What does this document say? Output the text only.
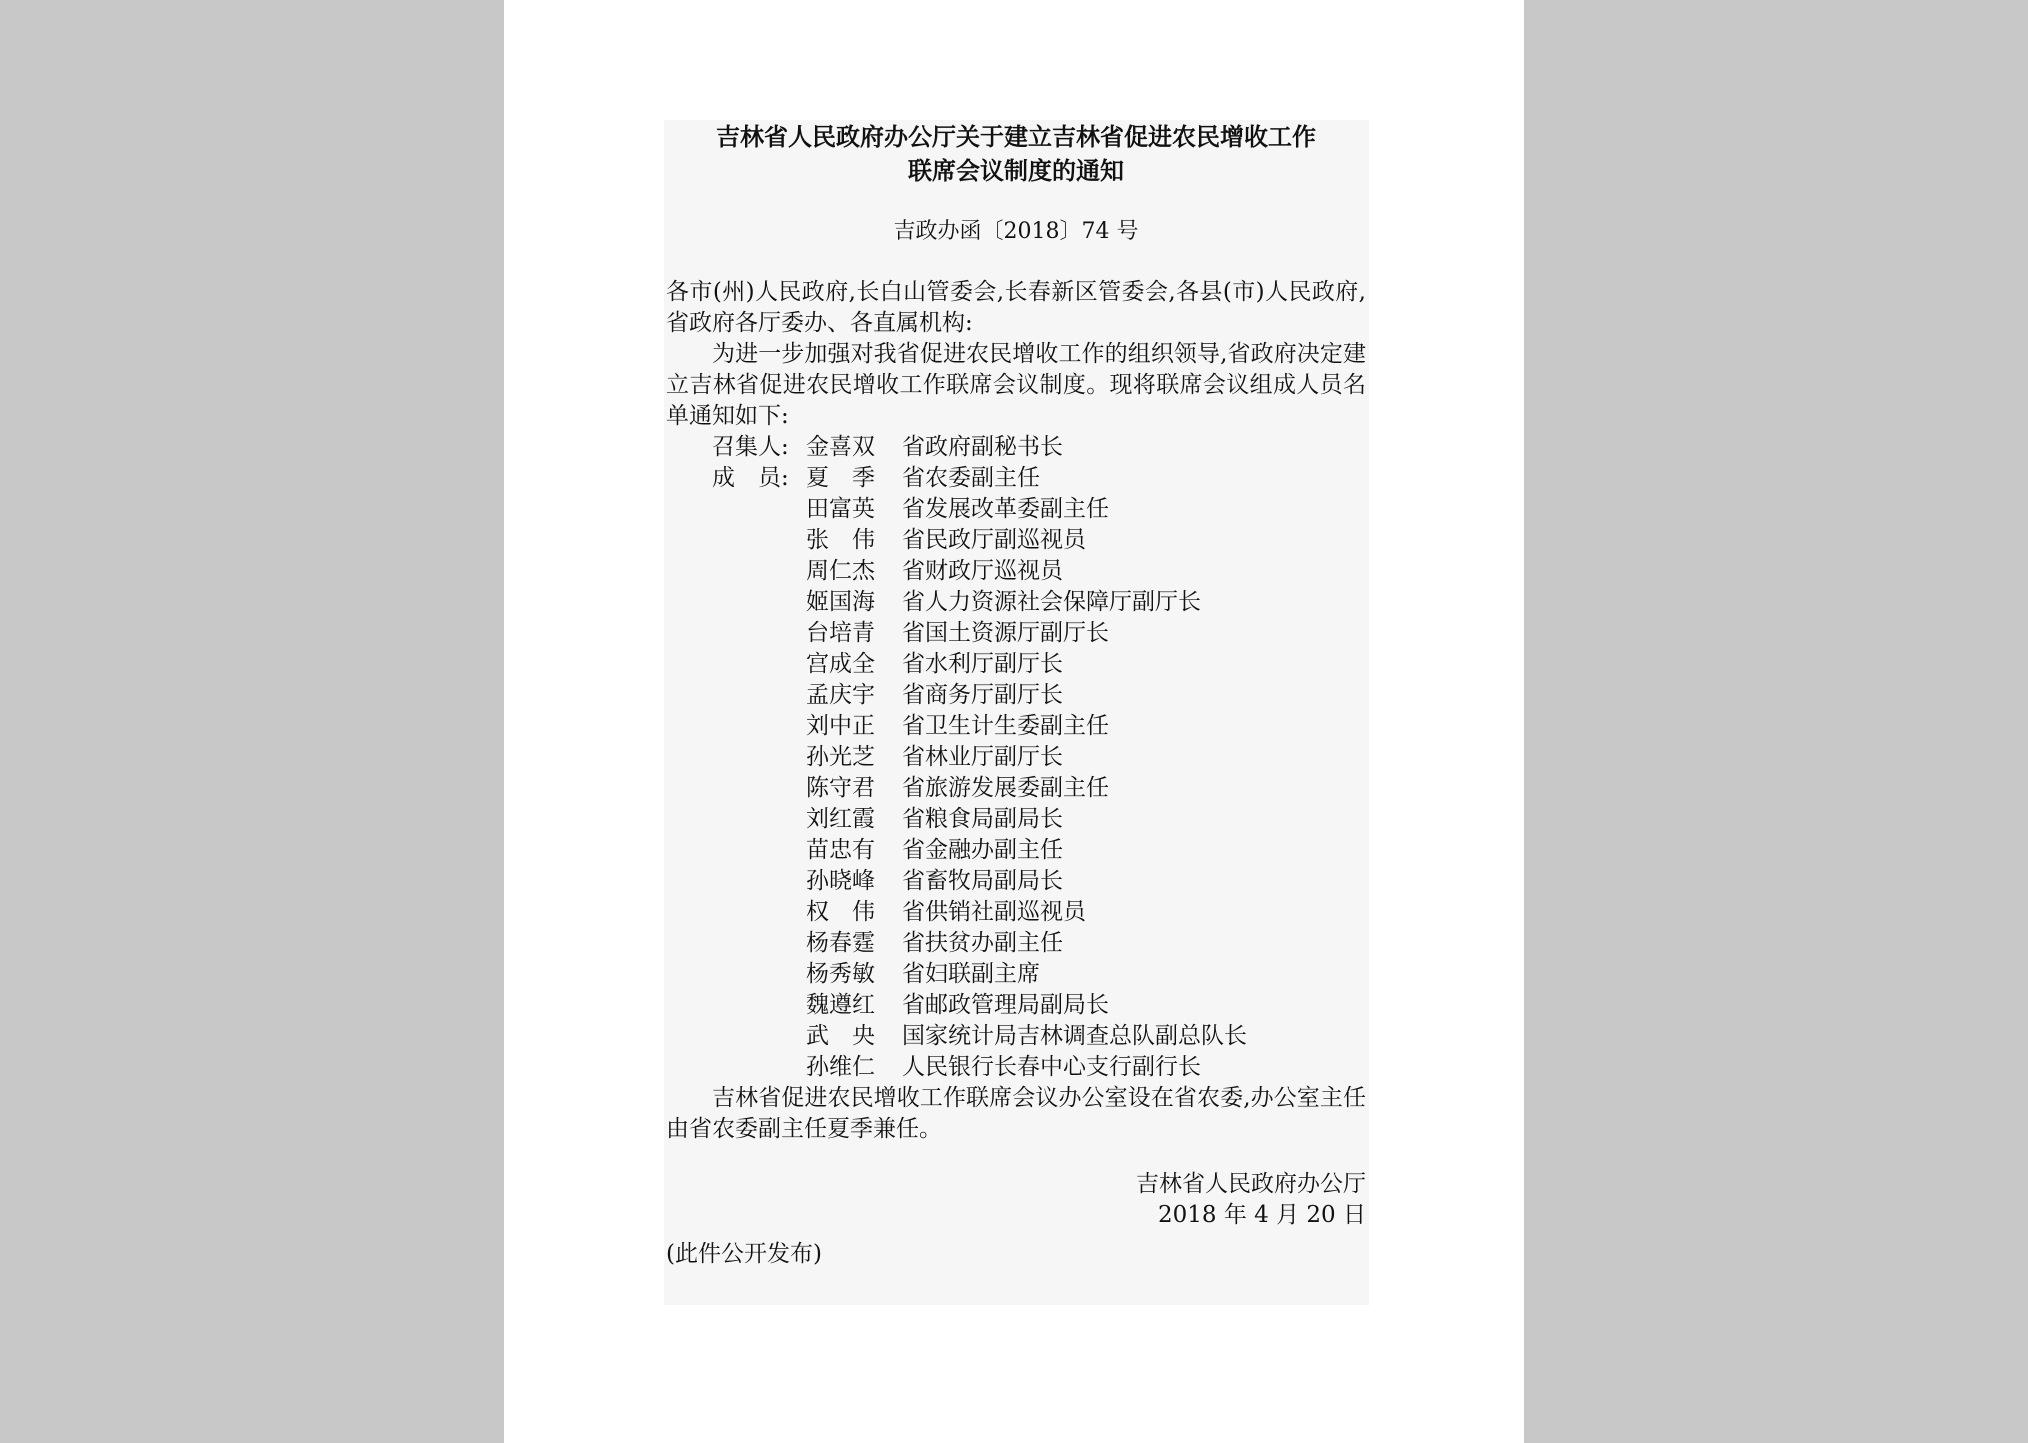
吉林省人民政府办公厅关于建立吉林省促进农民增收工作
联席会议制度的通知
吉政办函〔2018〕74 号
各市(州)人民政府,长白山管委会,长春新区管委会,各县(市)人民政府,省政府各厅委办、各直属机构:
为进一步加强对我省促进农民增收工作的组织领导,省政府决定建立吉林省促进农民增收工作联席会议制度。现将联席会议组成人员名单通知如下:
召集人: 金喜双	省政府副秘书长
成　员: 夏　季	省农委副主任
田富英	省发展改革委副主任
张　伟	省民政厅副巡视员
周仁杰	省财政厅巡视员
姬国海	省人力资源社会保障厅副厅长
台培青	省国土资源厅副厅长
宫成全	省水利厅副厅长
孟庆宇	省商务厅副厅长
刘中正	省卫生计生委副主任
孙光芝	省林业厅副厅长
陈守君	省旅游发展委副主任
刘红霞	省粮食局副局长
苗忠有	省金融办副主任
孙晓峰	省畜牧局副局长
权　伟	省供销社副巡视员
杨春霆	省扶贫办副主任
杨秀敏	省妇联副主席
魏遵红	省邮政管理局副局长
武　央	国家统计局吉林调查总队副总队长
孙维仁	人民银行长春中心支行副行长
吉林省促进农民增收工作联席会议办公室设在省农委,办公室主任由省农委副主任夏季兼任。
吉林省人民政府办公厅
2018 年 4 月 20 日
(此件公开发布)
